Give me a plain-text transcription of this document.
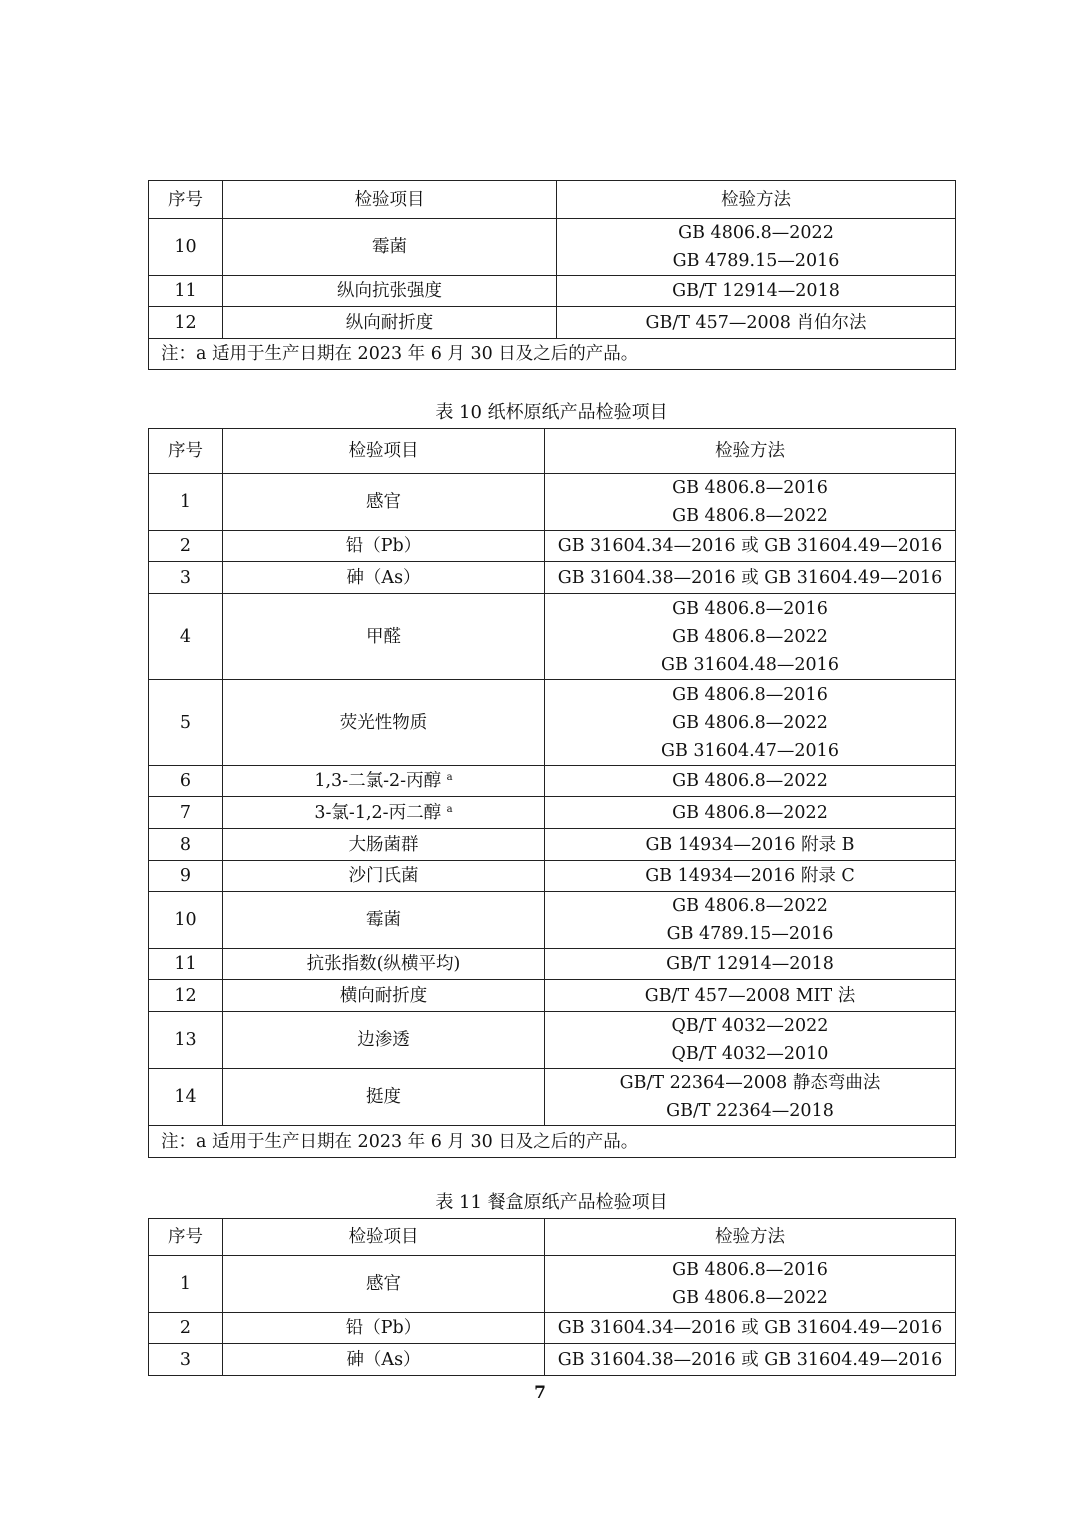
序号	检验项目	检验方法
10	霉菌	GB 4806.8—2022
GB 4789.15—2016

11	纵向抗张强度	GB/T 12914—2018

12	纵向耐折度	GB/T 457—2008 肖伯尔法

注：a 适用于生产日期在 2023 年 6 月 30 日及之后的产品。		
表 10 纸杯原纸产品检验项目
序号	检验项目	检验方法
1	感官	GB 4806.8—2016
GB 4806.8—2022

2	铅（Pb）	GB 31604.34—2016 或 GB 31604.49—2016

3	砷（As）	GB 31604.38—2016 或 GB 31604.49—2016

4	甲醛	GB 4806.8—2016
GB 4806.8—2022
GB 31604.48—2016

5	荧光性物质	GB 4806.8—2016
GB 4806.8—2022
GB 31604.47—2016

6	1,3-二氯-2-丙醇 $^a$	GB 4806.8—2022

7	3-氯-1,2-丙二醇 $^a$	GB 4806.8—2022

8	大肠菌群	GB 14934—2016 附录 B

9	沙门氏菌	GB 14934—2016 附录 C

10	霉菌	GB 4806.8—2022
GB 4789.15—2016

11	抗张指数(纵横平均)	GB/T 12914—2018

12	横向耐折度	GB/T 457—2008 MIT 法

13	边渗透	QB/T 4032—2022
QB/T 4032—2010

14	挺度	GB/T 22364—2008 静态弯曲法
GB/T 22364—2018

注：a 适用于生产日期在 2023 年 6 月 30 日及之后的产品。		
表 11 餐盒原纸产品检验项目
序号	检验项目	检验方法
1	感官	GB 4806.8—2016
GB 4806.8—2022

2	铅（Pb）	GB 31604.34—2016 或 GB 31604.49—2016

3	砷（As）	GB 31604.38—2016 或 GB 31604.49—2016
7
